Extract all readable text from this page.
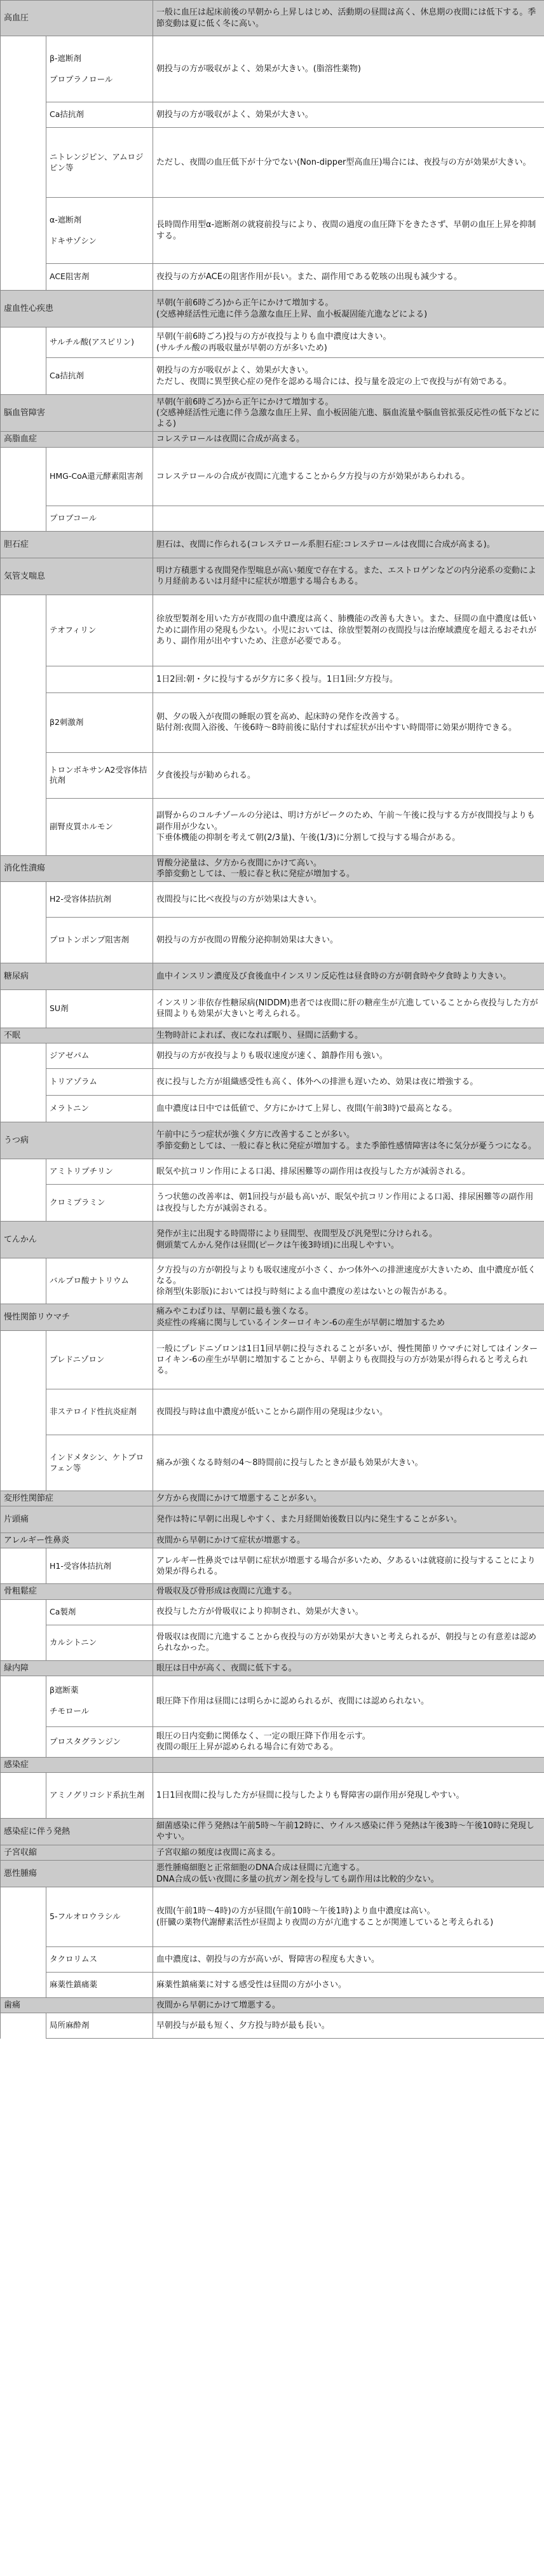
高血圧		一般に血圧は起床前後の早朝から上昇しはじめ、活動期の昼間は高く、休息期の夜間には低下する。季節変動は夏に低く冬に高い。
	β-遮断剤

プロプラノロール	朝投与の方が吸収がよく、効果が大きい。(脂溶性薬物)
	Ca拮抗剤	朝投与の方が吸収がよく、効果が大きい。
	ニトレンジピン、アムロジピン等	ただし、夜間の血圧低下が十分でない(Non-dipper型高血圧)場合には、夜投与の方が効果が大きい。
	α-遮断剤

ドキサゾシン	長時間作用型α-遮断剤の就寝前投与により、夜間の過度の血圧降下をきたさず、早朝の血圧上昇を抑制する。
	ACE阻害剤	夜投与の方がACEの阻害作用が長い。また、副作用である乾咳の出現も減少する。
虚血性心疾患		早朝(午前6時ごろ)から正午にかけて増加する。
(交感神経活性元進に伴う急激な血圧上昇、血小板凝固能亢進などによる)
	サルチル酸(アスピリン)	早朝(午前6時ごろ)投与の方が夜投与よりも血中濃度は大きい。
(サルチル酸の再吸収量が早朝の方が多いため)
	Ca拮抗剤	朝投与の方が吸収がよく、効果が大きい。
ただし、夜間に異型狭心症の発作を認める場合には、投与量を設定の上で夜投与が有効である。
脳血管障害		早朝(午前6時ごろ)から正午にかけて増加する。
(交感神経活性元進に伴う急激な血圧上昇、血小板固能亢進、脳血流量や脳血管拡張反応性の低下などによる)
高脂血症		コレステロールは夜間に合成が高まる。
	HMG-CoA還元酵素阻害剤	コレステロールの合成が夜間に亢進することから夕方投与の方が効果があらわれる。
	プロブコール	
胆石症		胆石は、夜間に作られる(コレステロール系胆石症:コレステロールは夜間に合成が高まる)。
気管支喘息		明け方積悪する夜間発作型喘息が高い頻度で存在する。また、エストロゲンなどの内分泌系の変動により月経前あるいは月経中に症状が増悪する場合もある。
	テオフィリン	徐放型製剤を用いた方が夜間の血中濃度は高く、肺機能の改善も大きい。また、昼間の血中濃度は低いために副作用の発現も少ない。小児においては、徐放型製剤の夜間投与は治療域濃度を超えるおそれがあり、副作用が出やすいため、注意が必要である。
		1日2回:朝・夕に投与するが夕方に多く投与。1日1回:夕方投与。
	β2刺激剤	朝、夕の吸入が夜間の睡眠の質を高め、起床時の発作を改善する。
貼付剤:夜間入浴後、午後6時〜8時前後に貼付すれば症状が出やすい時間帯に効果が期待できる。
	トロンボキサンA2受容体拮抗剤	夕食後投与が勧められる。
	副腎皮質ホルモン	副腎からのコルチゾールの分泌は、明け方がピークのため、午前～午後に投与する方が夜間投与よりも副作用が少ない。
下垂体機能の抑制を考えて朝(2/3量)、午後(1/3)に分割して投与する場合がある。
消化性潰瘍		胃酸分泌量は、夕方から夜間にかけて高い。
季節変動としては、一般に春と秋に発症が増加する。
	H2-受容体拮抗剤	夜間投与に比べ夜投与の方が効果は大きい。
	プロトンポンプ阻害剤	朝投与の方が夜間の胃酸分泌抑制効果は大きい。
糖尿病		血中インスリン濃度及び食後血中インスリン反応性は昼食時の方が朝食時や夕食時より大きい。
	SU剤	インスリン非依存性糖尿病(NIDDM)患者では夜間に肝の糖産生が亢進していることから夜投与した方が昼間よりも効果が大きいと考えられる。
不眠		生物時計によれば、夜になれば眠り、昼間に活動する。
	ジアゼパム	朝投与の方が夜投与よりも吸収速度が速く、鎮静作用も強い。
	トリアゾラム	夜に投与した方が組織感受性も高く、体外への排泄も遅いため、効果は夜に増強する。
	メラトニン	血中濃度は日中では低値で、夕方にかけて上昇し、夜間(午前3時)で最高となる。
うつ病		午前中にうつ症状が強く夕方に改善することが多い。
季節変動としては、一般に春と秋に発症が増加する。また季節性感情障害は冬に気分が憂うつになる。
	アミトリプチリン	眠気や抗コリン作用による口渇、排尿困難等の副作用は夜投与した方が減弱される。
	クロミプラミン	うつ状態の改善率は、朝1回投与が最も高いが、眠気や抗コリン作用による口渇、排尿困難等の副作用は夜投与した方が減弱される。
てんかん		発作が主に出現する時間帯により昼間型、夜間型及び汎発型に分けられる。
側頭葉てんかん発作は昼間(ピークは午後3時頃)に出現しやすい。
	バルプロ酸ナトリウム	夕方投与の方が朝投与よりも吸収速度が小さく、かつ体外への排泄速度が大きいため、血中濃度が低くなる。
徐剤型(朱影版)においては投与時刻による血中濃度の差はないとの報告がある。
慢性関節リウマチ		痛みやこわばりは、早朝に最も強くなる。
炎症性の疼痛に関与しているインターロイキン-6の産生が早朝に増加するため
	プレドニゾロン	一般にプレドニゾロンは1日1回早朝に投与されることが多いが、慢性関節リウマチに対してはインターロイキン-6の産生が早朝に増加することから、早朝よりも夜間投与の方が効果が得られると考えられる。
	非ステロイド性抗炎症剤	夜間投与時は血中濃度が低いことから副作用の発現は少ない。
	インドメタシン、ケトプロフェン等	痛みが強くなる時刻の4～8時間前に投与したときが最も効果が大きい。
変形性関節症		夕方から夜間にかけて増悪することが多い。
片頭痛		発作は特に早朝に出現しやすく、また月経開始後数日以内に発生することが多い。
アレルギー性鼻炎		夜間から早朝にかけて症状が増悪する。
	H1-受容体拮抗剤	アレルギー性鼻炎では早朝に症状が増悪する場合が多いため、夕あるいは就寝前に投与することにより効果が得られる。
骨粗鬆症		骨吸収及び骨形成は夜間に亢進する。
	Ca製剤	夜投与した方が骨吸収により抑制され、効果が大きい。
	カルシトニン	骨吸収は夜間に亢進することから夜投与の方が効果が大きいと考えられるが、朝投与との有意差は認められなかった。
緑内障		眼圧は日中が高く、夜間に低下する。
	β遮断薬

チモロール	眼圧降下作用は昼間には明らかに認められるが、夜間には認められない。
	プロスタグランジン	眼圧の日内変動に関係なく、一定の眼圧降下作用を示す。
夜間の眼圧上昇が認められる場合に有効である。
感染症		
	アミノグリコシド系抗生剤	1日1回夜間に投与した方が昼間に投与したよりも腎障害の副作用が発現しやすい。
感染症に伴う発熱		細菌感染に伴う発熱は午前5時～午前12時に、ウイルス感染に伴う発熱は午後3時～午後10時に発現しやすい。
子宮収縮		子宮収縮の頻度は夜間に高まる。
悪性腫瘍		悪性腫瘍細胞と正常細胞のDNA合成は昼間に亢進する。
DNA合成の低い夜間に多量の抗ガン剤を投与しても副作用は比較的少ない。
	5-フルオロウラシル	夜間(午前1時～4時)の方が昼間(午前10時～午後1時)より血中濃度は高い。
(肝臓の薬物代謝酵素活性が昼間より夜間の方が亢進することが関連していると考えられる)
	タクロリムス	血中濃度は、朝投与の方が高いが、腎障害の程度も大きい。
	麻薬性鎮痛薬	麻薬性鎮痛薬に対する感受性は昼間の方が小さい。
歯痛		夜間から早朝にかけて増悪する。
	局所麻酔剤	早朝投与が最も短く、夕方投与時が最も長い。
